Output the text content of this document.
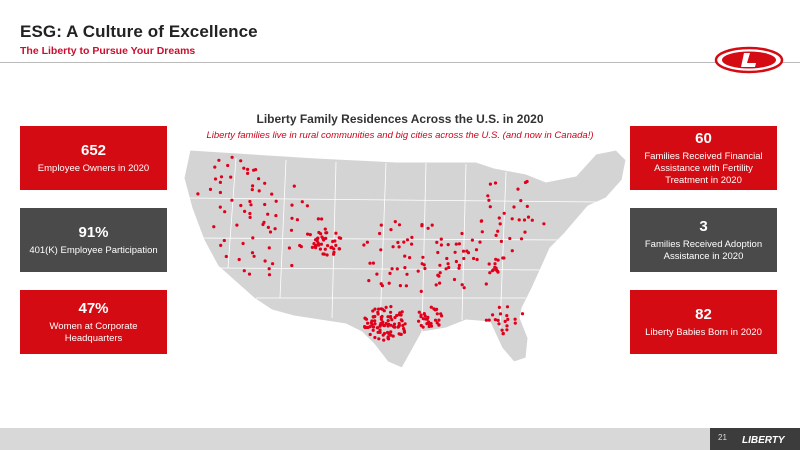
ESG: A Culture of Excellence
The Liberty to Pursue Your Dreams
Liberty Family Residences Across the U.S. in 2020
Liberty families live in rural communities and big cities across the U.S. (and now in Canada!)
652
Employee Owners in 2020
91%
401(K) Employee Participation
47%
Women at Corporate Headquarters
60
Families Received Financial Assistance with Fertility Treatment in 2020
3
Families Received Adoption Assistance in 2020
82
Liberty Babies Born in 2020
21 LIBERTY
